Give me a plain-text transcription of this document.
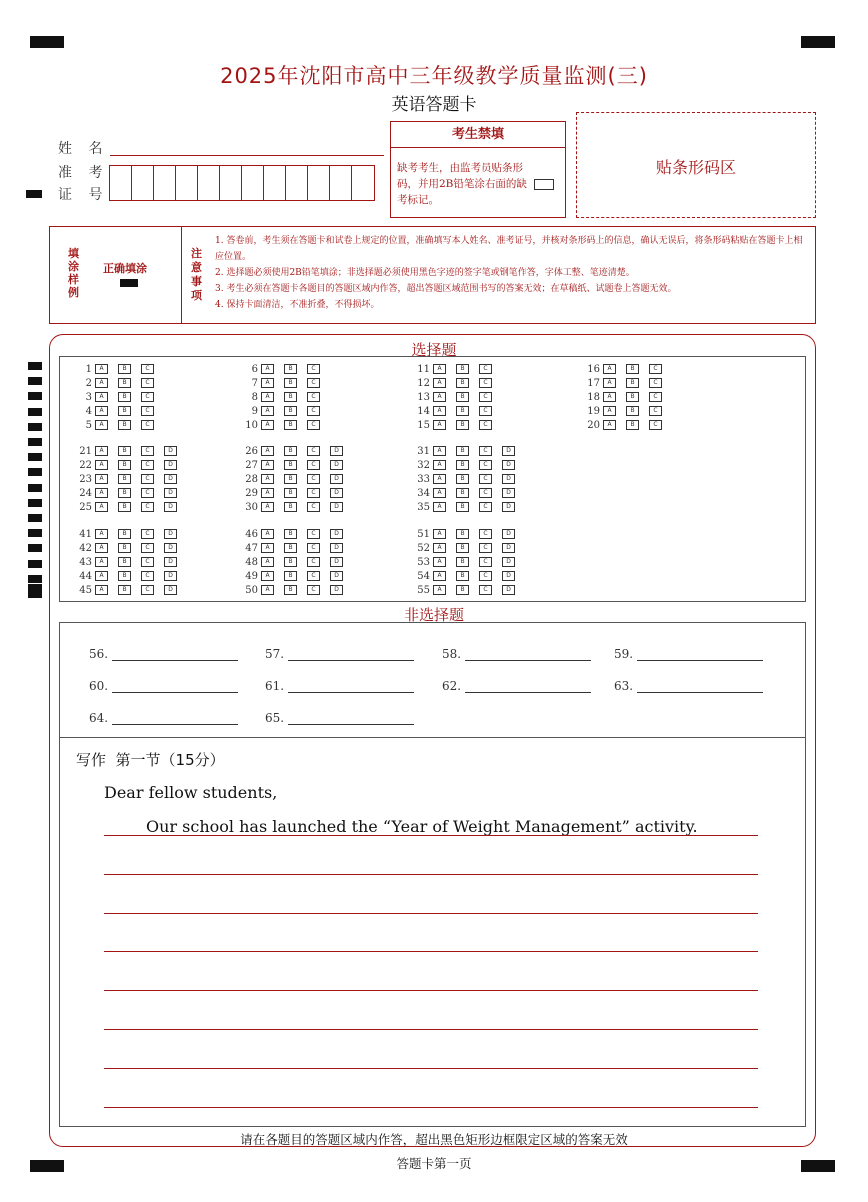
2025年沈阳市高中三年级教学质量监测(三)
英语答题卡
姓 名
准 考
证 号
考生禁填
缺考考生，由监考员贴条形码，并用2B铅笔涂右面的缺考标记。
贴条形码区
填涂样例
正确填涂
注意事项
1. 答卷前，考生须在答题卡和试卷上规定的位置，准确填写本人姓名、准考证号，并核对条形码上的信息，确认无误后，将条形码粘贴在答题卡上相应位置。
2. 选择题必须使用2B铅笔填涂；非选择题必须使用黑色字迹的签字笔或钢笔作答，字体工整、笔迹清楚。
3. 考生必须在答题卡各题目的答题区域内作答，超出答题区域范围书写的答案无效；在草稿纸、试题卷上答题无效。
4. 保持卡面清洁，不准折叠，不得损坏。
选择题
1	A	B	C
2	A	B	C
3	A	B	C
4	A	B	C
5	A	B	C
6	A	B	C
7	A	B	C
8	A	B	C
9	A	B	C
10	A	B	C
11	A	B	C
12	A	B	C
13	A	B	C
14	A	B	C
15	A	B	C
16	A	B	C
17	A	B	C
18	A	B	C
19	A	B	C
20	A	B	C
21	A	B	C	D
22	A	B	C	D
23	A	B	C	D
24	A	B	C	D
25	A	B	C	D
26	A	B	C	D
27	A	B	C	D
28	A	B	C	D
29	A	B	C	D
30	A	B	C	D
31	A	B	C	D
32	A	B	C	D
33	A	B	C	D
34	A	B	C	D
35	A	B	C	D
41	A	B	C	D
42	A	B	C	D
43	A	B	C	D
44	A	B	C	D
45	A	B	C	D
46	A	B	C	D
47	A	B	C	D
48	A	B	C	D
49	A	B	C	D
50	A	B	C	D
51	A	B	C	D
52	A	B	C	D
53	A	B	C	D
54	A	B	C	D
55	A	B	C	D
非选择题
56.	57.	58.	59.
60.	61.	62.	63.
64.	65.
写作  第一节（15分）
Dear fellow students,
Our school has launched the “Year of Weight Management” activity.
请在各题目的答题区域内作答，超出黑色矩形边框限定区域的答案无效
答题卡第一页
